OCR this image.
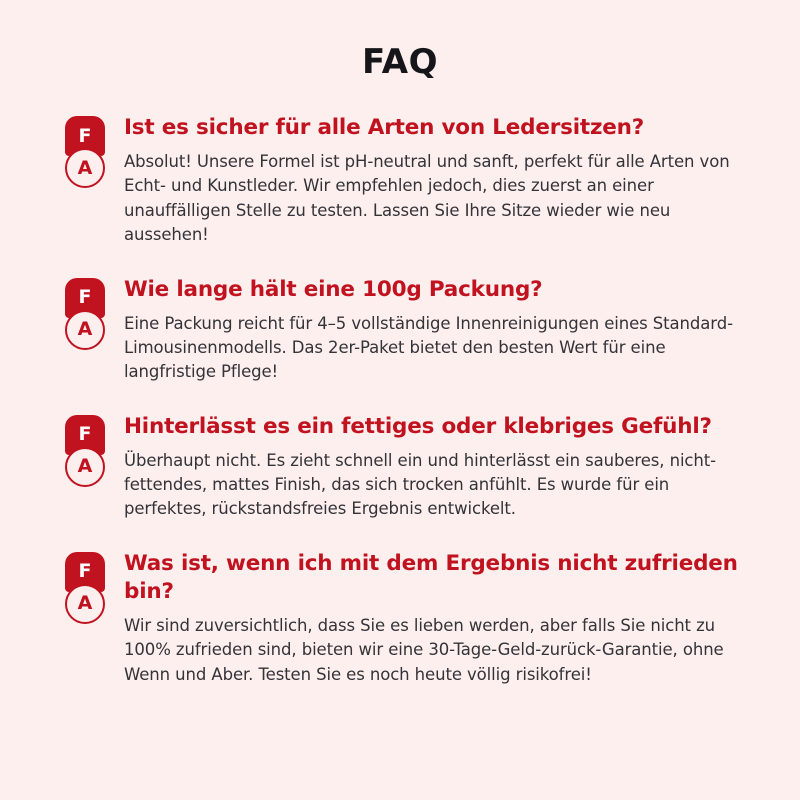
FAQ
F
A

Ist es sicher für alle Arten von Ledersitzen?

Absolut! Unsere Formel ist pH-neutral und sanft, perfekt für alle Arten von Echt- und Kunstleder. Wir empfehlen jedoch, dies zuerst an einer unauffälligen Stelle zu testen. Lassen Sie Ihre Sitze wieder wie neu aussehen!

F
A

Wie lange hält eine 100g Packung?

Eine Packung reicht für 4–5 vollständige Innenreinigungen eines Standard-Limousinenmodells. Das 2er-Paket bietet den besten Wert für eine langfristige Pflege!

F
A

Hinterlässt es ein fettiges oder klebriges Gefühl?

Überhaupt nicht. Es zieht schnell ein und hinterlässt ein sauberes, nicht-fettendes, mattes Finish, das sich trocken anfühlt. Es wurde für ein perfektes, rückstandsfreies Ergebnis entwickelt.

F
A

Was ist, wenn ich mit dem Ergebnis nicht zufrieden bin?

Wir sind zuversichtlich, dass Sie es lieben werden, aber falls Sie nicht zu 100% zufrieden sind, bieten wir eine 30-Tage-Geld-zurück-Garantie, ohne Wenn und Aber. Testen Sie es noch heute völlig risikofrei!
